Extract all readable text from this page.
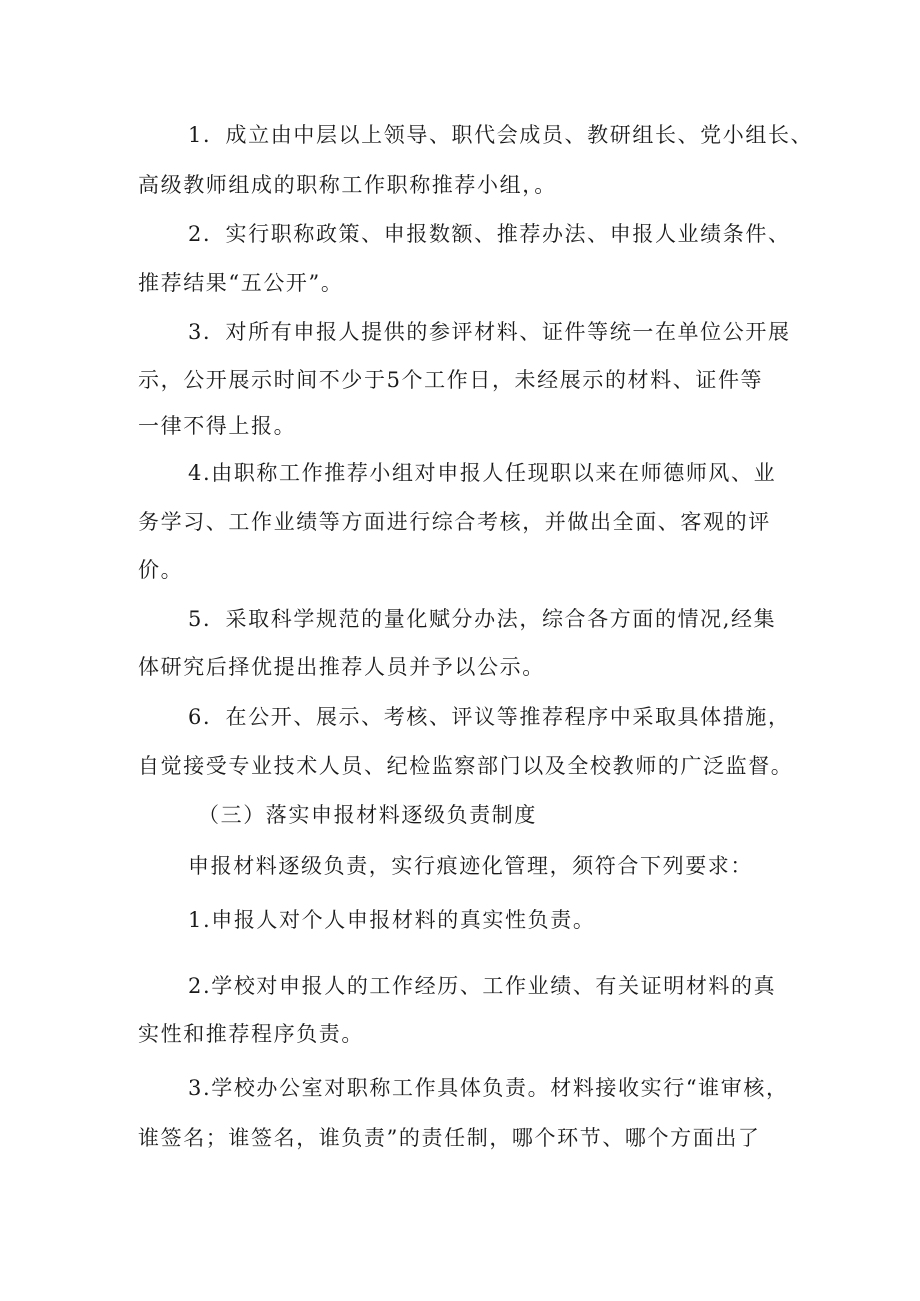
1．成立由中层以上领导、职代会成员、教研组长、党小组长、
高级教师组成的职称工作职称推荐小组，。
2．实行职称政策、申报数额、推荐办法、申报人业绩条件、
推荐结果“五公开”。
3．对所有申报人提供的参评材料、证件等统一在单位公开展
示，公开展示时间不少于5个工作日，未经展示的材料、证件等
一律不得上报。
4.由职称工作推荐小组对申报人任现职以来在师德师风、业
务学习、工作业绩等方面进行综合考核，并做出全面、客观的评
价。
5．采取科学规范的量化赋分办法，综合各方面的情况,经集
体研究后择优提出推荐人员并予以公示。
6．在公开、展示、考核、评议等推荐程序中采取具体措施，
自觉接受专业技术人员、纪检监察部门以及全校教师的广泛监督。
（三）落实申报材料逐级负责制度
申报材料逐级负责，实行痕迹化管理，须符合下列要求：
1.申报人对个人申报材料的真实性负责。
2.学校对申报人的工作经历、工作业绩、有关证明材料的真
实性和推荐程序负责。
3.学校办公室对职称工作具体负责。材料接收实行“谁审核，
谁签名；谁签名，谁负责”的责任制，哪个环节、哪个方面出了
